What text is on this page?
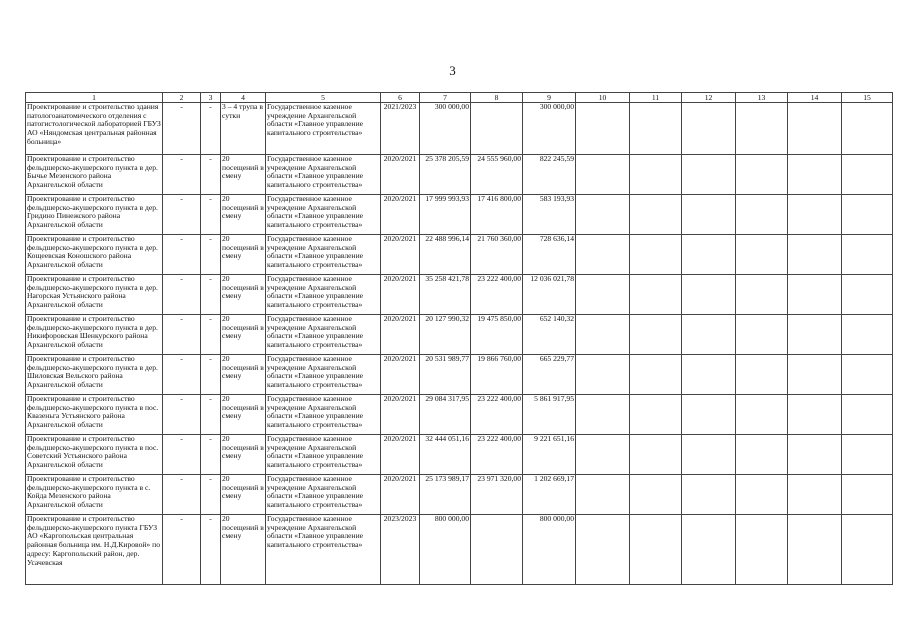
3
1	2	3	4	5	6	7	8	9	10	11	12	13	14	15
Проектирование и строительство здания патологоанатомического отделения с патогистологической лабораторией ГБУЗ АО «Няндомская центральная районная больница»	-	-	3 – 4 трупа в сутки	Государственное казенное учреждение Архангельской области «Главное управление капитального строительства»	2021/2023	300 000,00		300 000,00						
Проектирование и строительство фельдшерско-акушерского пункта в дер. Бычье Мезенского района Архангельской области	-	-	20 посещений в смену	Государственное казенное учреждение Архангельской области «Главное управление капитального строительства»	2020/2021	25 378 205,59	24 555 960,00	822 245,59						
Проектирование и строительство фельдшерско-акушерского пункта в дер. Гридино Пинежского района Архангельской области	-	-	20 посещений в смену	Государственное казенное учреждение Архангельской области «Главное управление капитального строительства»	2020/2021	17 999 993,93	17 416 800,00	583 193,93						
Проектирование и строительство фельдшерско-акушерского пункта в дер. Кощеевская Коношского района Архангельской области	-	-	20 посещений в смену	Государственное казенное учреждение Архангельской области «Главное управление капитального строительства»	2020/2021	22 488 996,14	21 760 360,00	728 636,14						
Проектирование и строительство фельдшерско-акушерского пункта в дер. Нагорская Устьянского района Архангельской области	-	-	20 посещений в смену	Государственное казенное учреждение Архангельской области «Главное управление капитального строительства»	2020/2021	35 258 421,78	23 222 400,00	12 036 021,78						
Проектирование и строительство фельдшерско-акушерского пункта в дер. Никифоровская Шенкурского района Архангельской области	-	-	20 посещений в смену	Государственное казенное учреждение Архангельской области «Главное управление капитального строительства»	2020/2021	20 127 990,32	19 475 850,00	652 140,32						
Проектирование и строительство фельдшерско-акушерского пункта в дер. Шиловская Вельского района Архангельской области	-	-	20 посещений в смену	Государственное казенное учреждение Архангельской области «Главное управление капитального строительства»	2020/2021	20 531 989,77	19 866 760,00	665 229,77						
Проектирование и строительство фельдшерско-акушерского пункта в пос. Квазеньга Устьянского района Архангельской области	-	-	20 посещений в смену	Государственное казенное учреждение Архангельской области «Главное управление капитального строительства»	2020/2021	29 084 317,95	23 222 400,00	5 861 917,95						
Проектирование и строительство фельдшерско-акушерского пункта в пос. Советский Устьянского района Архангельской области	-	-	20 посещений в смену	Государственное казенное учреждение Архангельской области «Главное управление капитального строительства»	2020/2021	32 444 051,16	23 222 400,00	9 221 651,16						
Проектирование и строительство фельдшерско-акушерского пункта в с. Койда Мезенского района Архангельской области	-	-	20 посещений в смену	Государственное казенное учреждение Архангельской области «Главное управление капитального строительства»	2020/2021	25 173 989,17	23 971 320,00	1 202 669,17						
Проектирование и строительство фельдшерско-акушерского пункта ГБУЗ АО «Каргопольская центральная районная больница им. Н.Д.Кировой» по адресу: Каргопольский район, дер. Усачевская	-	-	20 посещений в смену	Государственное казенное учреждение Архангельской области «Главное управление капитального строительства»	2023/2023	800 000,00		800 000,00						
